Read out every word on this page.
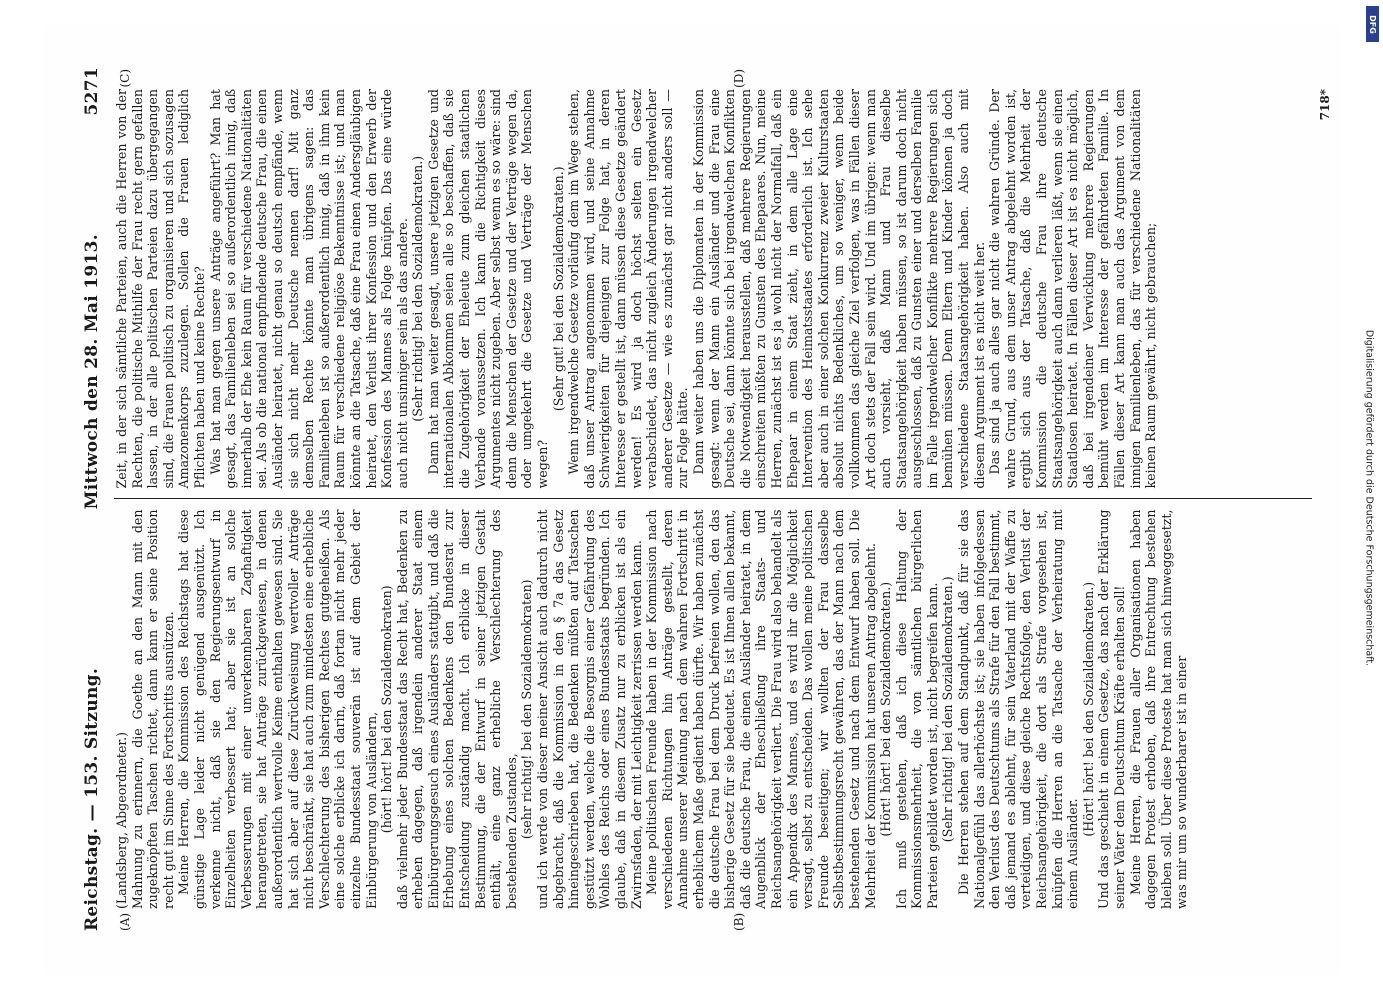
Reichstag. — 153. Sitzung.
Mittwoch den 28. Mai 1913.
5271

(Landsberg, Abgeordneter.) Mahnung zu erinnern, die Goethe an den Mann mit den zugeknöpften Taschen richtet, dann kann er seine Position recht gut im Sinne des Fortschritts ausnützen. Meine Herren, die Kommission des Reichstags hat diese günstige Lage leider nicht genügend ausgenützt. Ich verkenne nicht, daß sie den Regierungsentwurf in Einzelheiten verbessert hat; aber sie ist an solche Verbesserungen mit einer unverkennbaren Zaghaftigkeit herangetreten, sie hat Anträge zurückgewiesen, in denen außerordentlich wertvolle Keime enthalten gewesen sind. Sie hat sich aber auf diese Zurückweisung wertvoller Anträge nicht beschränkt, sie hat auch zum mindesten eine erhebliche Verschlechterung des bisherigen Rechtes gutgeheißen. Als eine solche erblicke ich darin, daß fortan nicht mehr jeder einzelne Bundesstaat souverän ist auf dem Gebiet der Einbürgerung von Ausländern, (hört! hört! bei den Sozialdemokraten) daß vielmehr jeder Bundesstaat das Recht hat, Bedenken zu erheben dagegen, daß irgendein anderer Staat einem Einbürgerungsgesuch eines Ausländers stattgibt, und daß die Erhebung eines solchen Bedenkens den Bundesrat zur Entscheidung zuständig macht. Ich erblicke in dieser Bestimmung, die der Entwurf in seiner jetzigen Gestalt enthält, eine ganz erhebliche Verschlechterung des bestehenden Zustandes, (sehr richtig! bei den Sozialdemokraten) und ich werde von dieser meiner Ansicht auch dadurch nicht abgebracht, daß die Kommission in den § 7a das Gesetz hineingeschrieben hat, die Bedenken müßten auf Tatsachen gestützt werden, welche die Besorgnis einer Gefährdung des Wohles des Reichs oder eines Bundesstaats begründen. Ich glaube, daß in diesem Zusatz nur zu erblicken ist als ein Zwirnsfaden, der mit Leichtigkeit zerrissen werden kann. Meine politischen Freunde haben in der Kommission nach verschiedenen Richtungen hin Anträge gestellt, deren Annahme unserer Meinung nach dem wahren Fortschritt in erheblichem Maße gedient haben dürfte. Wir haben zunächst die deutsche Frau bei dem Druck befreien wollen, den das bisherige Gesetz für sie bedeutet. Es ist Ihnen allen bekannt, daß die deutsche Frau, die einen Ausländer heiratet, in dem Augenblick der Eheschließung ihre Staats- und Reichsangehörigkeit verliert. Die Frau wird also behandelt als ein Appendix des Mannes, und es wird ihr die Möglichkeit versagt, selbst zu entscheiden. Das wollen meine politischen Freunde beseitigen; wir wollten der Frau dasselbe Selbstbestimmungsrecht gewähren, das der Mann nach dem bestehenden Gesetz und nach dem Entwurf haben soll. Die Mehrheit der Kommission hat unseren Antrag abgelehnt. (Hört! hört! bei den Sozialdemokraten.) Ich muß gestehen, daß ich diese Haltung der Kommissionsmehrheit, die von sämtlichen bürgerlichen Parteien gebildet worden ist, nicht begreifen kann. (Sehr richtig! bei den Sozialdemokraten.) Die Herren stehen auf dem Standpunkt, daß für sie das Nationalgefühl das allerhöchste ist; sie haben infolgedessen den Verlust des Deutschtums als Strafe für den Fall bestimmt, daß jemand es ablehnt, für sein Vaterland mit der Waffe zu verteidigen, und diese gleiche Rechtsfolge, den Verlust der Reichsangehörigkeit, die dort als Strafe vorgesehen ist, knüpfen die Herren an die Tatsache der Verheiratung mit einem Ausländer.

(Hört! hört! bei den Sozialdemokraten.) Und das geschieht in einem Gesetze, das nach der Erklärung seiner Väter dem Deutschtum Kräfte erhalten soll! Meine Herren, die Frauen aller Organisationen haben dagegen Protest erhoben, daß ihre Entrechtung bestehen bleiben soll. Über diese Proteste hat man sich hinweggesetzt, was mir um so wunderbarer ist in einer

Zeit, in der sich sämtliche Parteien, auch die Herren von der Rechten, die politische Mithilfe der Frau recht gern gefallen lassen, in der alle politischen Parteien dazu übergegangen sind, die Frauen politisch zu organisieren und sich sozusagen Amazonenkorps zuzulegen. Sollen die Frauen lediglich Pflichten haben und keine Rechte? Was hat man gegen unsere Anträge angeführt? Man hat gesagt, das Familienleben sei so außerordentlich innig, daß innerhalb der Ehe kein Raum für verschiedene Nationalitäten sei. Als ob die national empfindende deutsche Frau, die einen Ausländer heiratet, nicht genau so deutsch empfände, wenn sie sich nicht mehr Deutsche nennen darf! Mit ganz demselben Rechte könnte man übrigens sagen: das Familienleben ist so außerordentlich innig, daß in ihm kein Raum für verschiedene religiöse Bekenntnisse ist; und man könnte an die Tatsache, daß eine Frau einen Andersgläubigen heiratet, den Verlust ihrer Konfession und den Erwerb der Konfession des Mannes als Folge knüpfen. Das eine würde auch nicht unsinniger sein als das andere. (Sehr richtig! bei den Sozialdemokraten.) Dann hat man weiter gesagt, unsere jetzigen Gesetze und internationalen Abkommen seien alle so beschaffen, daß sie die Zugehörigkeit der Eheleute zum gleichen staatlichen Verbande voraussetzen. Ich kann die Richtigkeit dieses Argumentes nicht zugeben. Aber selbst wenn es so wäre: sind denn die Menschen der Gesetze und der Verträge wegen da, oder umgekehrt die Gesetze und Verträge der Menschen wegen?

(Sehr gut! bei den Sozialdemokraten.) Wenn irgendwelche Gesetze vorläufig dem im Wege stehen, daß unser Antrag angenommen wird, und seine Annahme Schwierigkeiten für diejenigen zur Folge hat, in deren Interesse er gestellt ist, dann müssen diese Gesetze geändert werden! Es wird ja doch höchst selten ein Gesetz verabschiedet, das nicht zugleich Änderungen irgendwelcher anderer Gesetze — wie es zunächst gar nicht anders soll — zur Folge hätte. Dann weiter haben uns die Diplomaten in der Kommission gesagt: wenn der Mann ein Ausländer und die Frau eine Deutsche sei, dann könnte sich bei irgendwelchen Konflikten die Notwendigkeit herausstellen, daß mehrere Regierungen einschreiten müßten zu Gunsten des Ehepaares. Nun, meine Herren, zunächst ist es ja wohl nicht der Normalfall, daß ein Ehepaar in einem Staat zieht, in dem alle Lage eine Intervention des Heimatsstaates erforderlich ist. Ich sehe aber auch in einer solchen Konkurrenz zweier Kulturstaaten absolut nichts Bedenkliches, um so weniger, wenn beide vollkommen das gleiche Ziel verfolgen, was in Fällen dieser Art doch stets der Fall sein wird. Und im übrigen: wenn man auch vorsieht, daß Mann und Frau dieselbe Staatsangehörigkeit haben müssen, so ist darum doch nicht ausgeschlossen, daß zu Gunsten einer und derselben Familie im Falle irgendwelcher Konflikte mehrere Regierungen sich bemühen müssen. Denn Eltern und Kinder können ja doch verschiedene Staatsangehörigkeit haben. Also auch mit diesem Argument ist es nicht weit her. Das sind ja auch alles gar nicht die wahren Gründe. Der wahre Grund, aus dem unser Antrag abgelehnt worden ist, ergibt sich aus der Tatsache, daß die Mehrheit der Kommission die deutsche Frau ihre deutsche Staatsangehörigkeit auch dann verlieren läßt, wenn sie einen Staatlosen heiratet. In Fällen dieser Art ist es nicht möglich, daß bei irgendeiner Verwicklung mehrere Regierungen bemüht werden im Interesse der gefährdeten Familie. In Fällen dieser Art kann man auch das Argument von dem innigen Familienleben, das für verschiedene Nationalitäten keinen Raum gewährt, nicht gebrauchen;

(A)	(B)
(C)	(D)
718*
Digitalisierung gefördert durch die Deutsche Forschungsgemeinschaft.
DFG
